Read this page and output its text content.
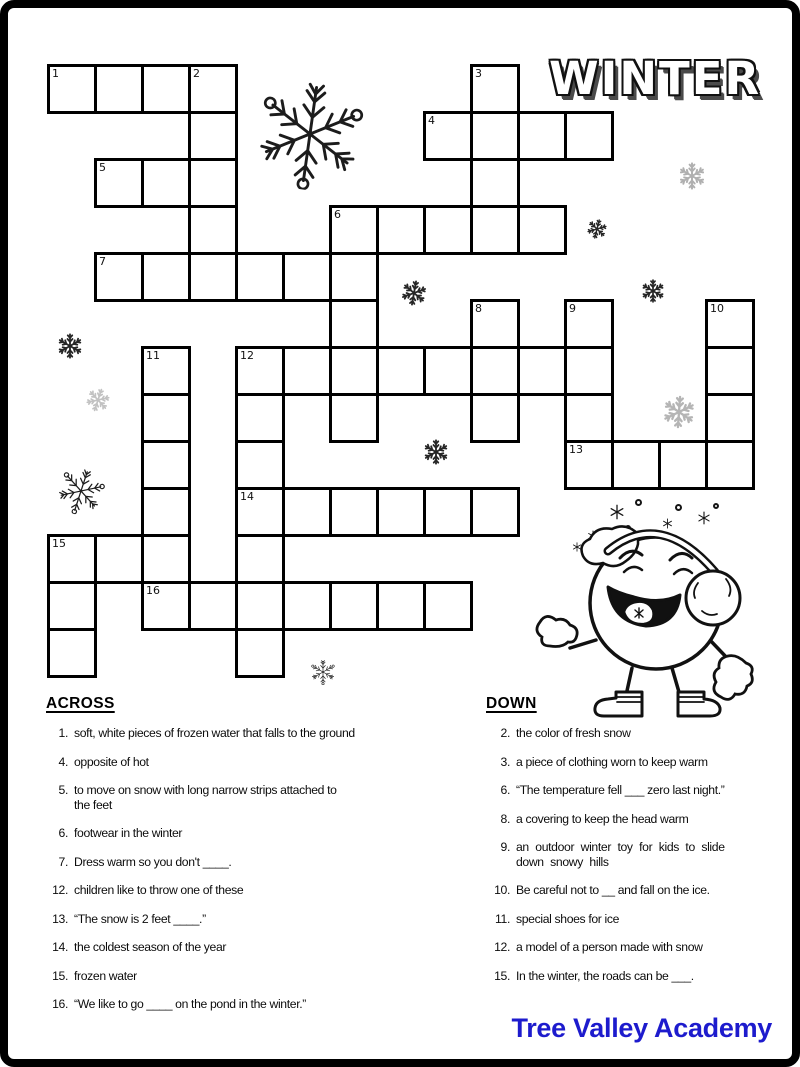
WINTER
1	2	3
4
5
6
7
8	9	10
11	12
13
14
15
16
ACROSS
1. soft, white pieces of frozen water that falls to the ground
4. opposite of hot
5. to move on snow with long narrow strips attached to
the feet
6. footwear in the winter
7. Dress warm so you don't ____.
12. children like to throw one of these
13. “The snow is 2 feet ____.”
14. the coldest season of the year
15. frozen water
16. “We like to go ____ on the pond in the winter.”
DOWN
2. the color of fresh snow
3. a piece of clothing worn to keep warm
6. “The temperature fell ___ zero last night.”
8. a covering to keep the head warm
9. an outdoor winter toy for kids to slide
down snowy hills
10. Be careful not to __ and fall on the ice.
11. special shoes for ice
12. a model of a person made with snow
15. In the winter, the roads can be ___.
Tree Valley Academy
